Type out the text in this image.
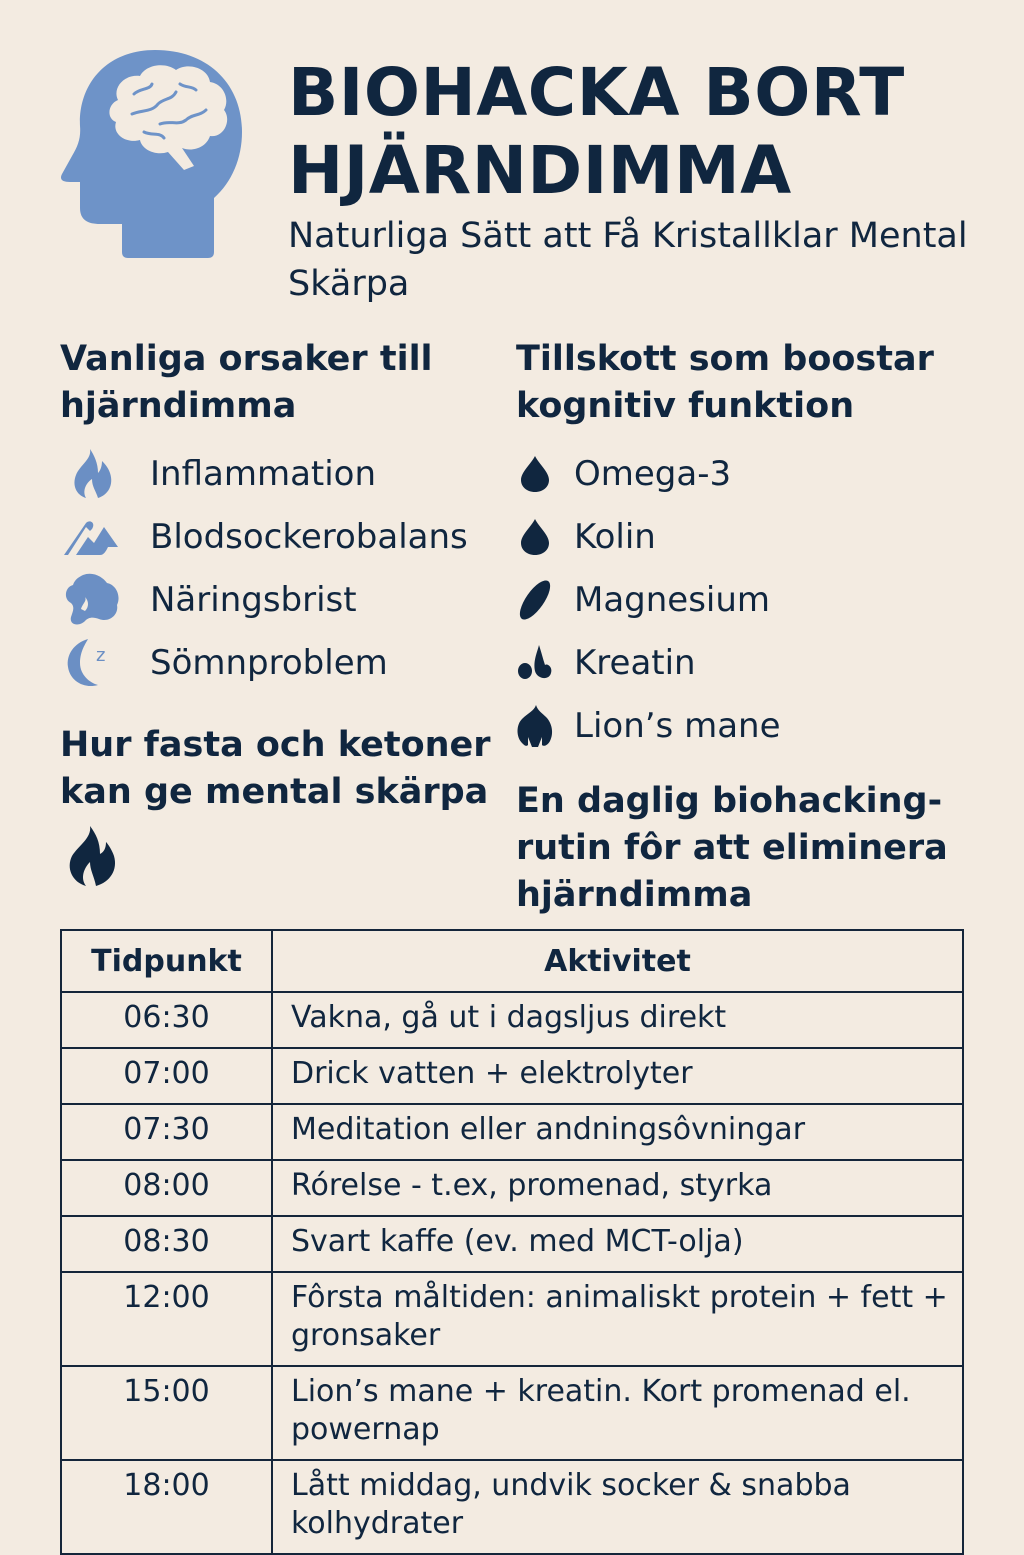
BIOHACKA BORT
HJÄRNDIMMA

Naturliga Sätt att Få Kristallklar Mental Skärpa

Vanliga orsaker till hjärndimma
Inflammation
Blodsockerobalans
Näringsbrist
z Sömnproblem
Tillskott som boostar kognitiv funktion
Omega-3
Kolin
Magnesium
Kreatin
Lion’s mane
Hur fasta och ketoner kan ge mental skärpa En daglig biohacking-rutin fôr att eliminera hjärndimma
Tidpunkt	Aktivitet
06:30	Vakna, gå ut i dagsljus direkt
07:00	Drick vatten + elektrolyter
07:30	Meditation eller andningsôvningar
08:00	Rórelse - t.ex, promenad, styrka
08:30	Svart kaffe (ev. med MCT-olja)
12:00	Fôrsta måltiden: animaliskt protein + fett + gronsaker
15:00	Lion’s mane + kreatin. Kort promenad el. powernap
18:00	Lått middag, undvik socker & snabba kolhydrater
